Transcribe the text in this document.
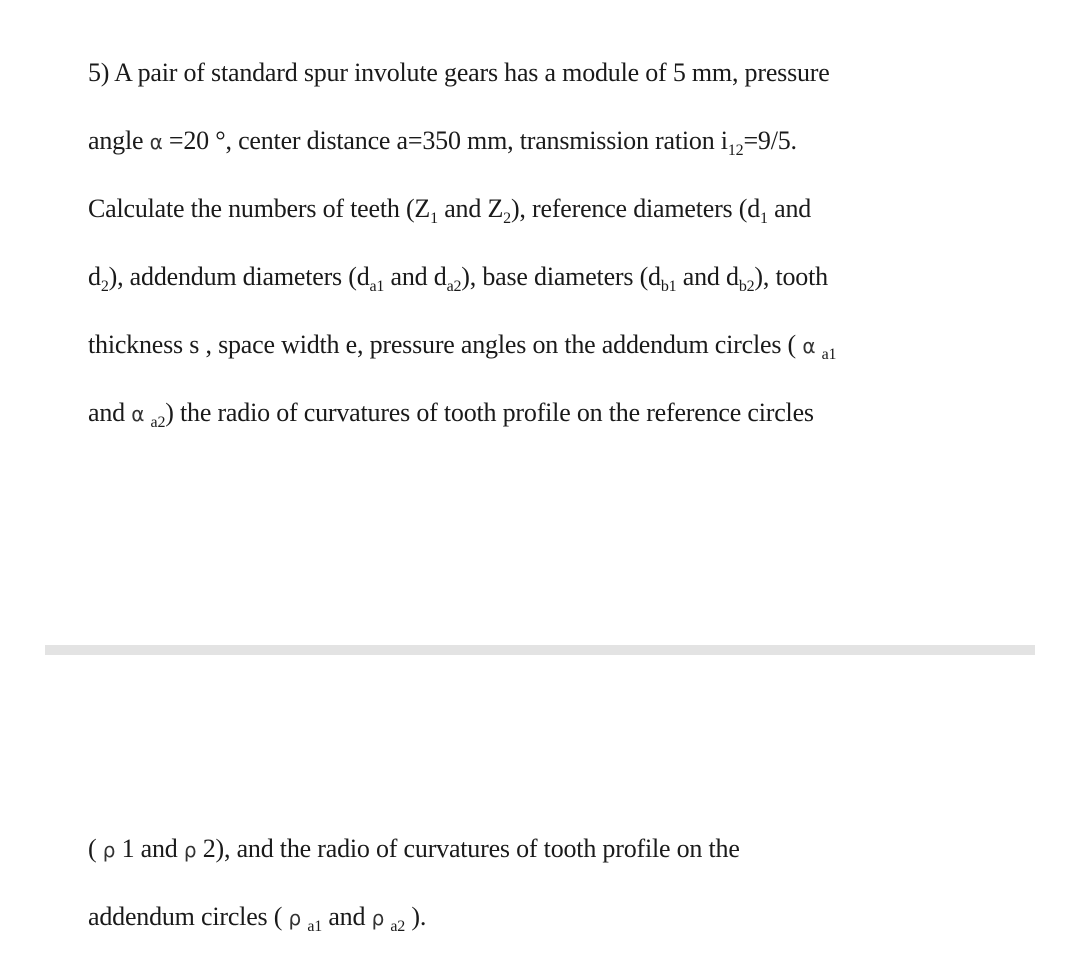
5) A pair of standard spur involute gears has a module of 5 mm, pressure
angle α =20 °, center distance a=350 mm, transmission ration $i_{12}=9/5$.
Calculate the numbers of teeth ($Z_1$ and $Z_2$), reference diameters ($d_1$ and
$d_2$), addendum diameters ($d_{a1}$ and $d_{a2}$), base diameters ($d_{b1}$ and $d_{b2}$), tooth
thickness s , space width e, pressure angles on the addendum circles ( α $_{a1}$
and α $_{a2}$) the radio of curvatures of tooth profile on the reference circles
( ρ 1 and ρ 2), and the radio of curvatures of tooth profile on the
addendum circles ( ρ $_{a1}$ and ρ $_{a2}$ ).
